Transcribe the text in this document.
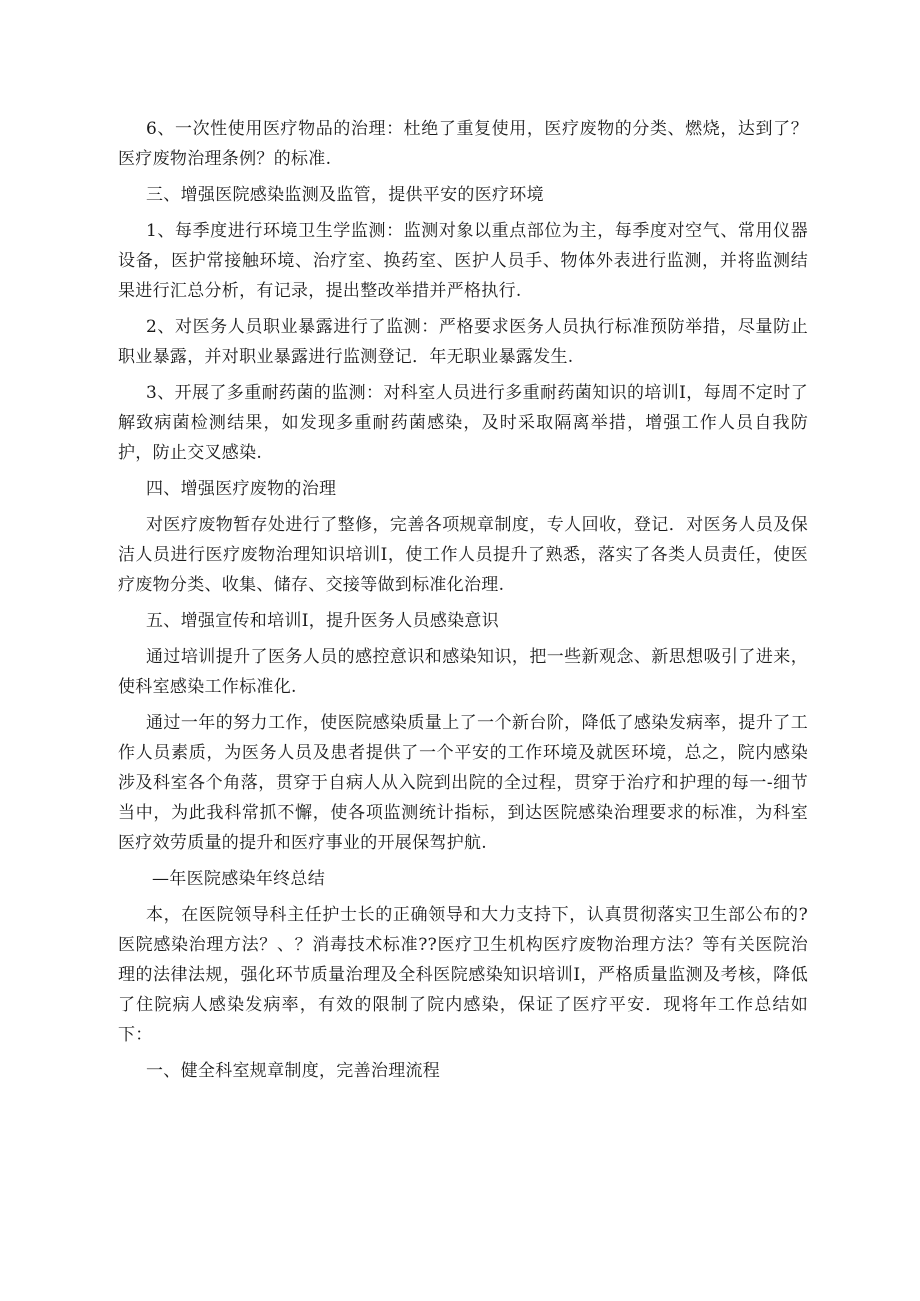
6、一次性使用医疗物品的治理：杜绝了重复使用，医疗废物的分类、燃烧，达到了？医疗废物治理条例？的标准.

三、增强医院感染监测及监管，提供平安的医疗环境

1、每季度进行环境卫生学监测：监测对象以重点部位为主，每季度对空气、常用仪器设备，医护常接触环境、治疗室、换药室、医护人员手、物体外表进行监测，并将监测结果进行汇总分析，有记录，提出整改举措并严格执行.

2、对医务人员职业暴露进行了监测：严格要求医务人员执行标准预防举措，尽量防止职业暴露，并对职业暴露进行监测登记．年无职业暴露发生.

3、开展了多重耐药菌的监测：对科室人员进行多重耐药菌知识的培训I，每周不定时了解致病菌检测结果，如发现多重耐药菌感染，及时采取隔离举措，增强工作人员自我防护，防止交叉感染.

四、增强医疗废物的治理

对医疗废物暂存处进行了整修，完善各项规章制度，专人回收，登记．对医务人员及保洁人员进行医疗废物治理知识培训I，使工作人员提升了熟悉，落实了各类人员责任，使医疗废物分类、收集、储存、交接等做到标准化治理.

五、增强宣传和培训I，提升医务人员感染意识

通过培训提升了医务人员的感控意识和感染知识，把一些新观念、新思想吸引了进来，使科室感染工作标准化.

通过一年的努力工作，使医院感染质量上了一个新台阶，降低了感染发病率，提升了工作人员素质，为医务人员及患者提供了一个平安的工作环境及就医环境，总之，院内感染涉及科室各个角落，贯穿于自病人从入院到出院的全过程，贯穿于治疗和护理的每一-细节当中，为此我科常抓不懈，使各项监测统计指标，到达医院感染治理要求的标准，为科室医疗效劳质量的提升和医疗事业的开展保驾护航.

—年医院感染年终总结

本，在医院领导科主任护士长的正确领导和大力支持下，认真贯彻落实卫生部公布的?医院感染治理方法？、？消毒技术标准??医疗卫生机构医疗废物治理方法？等有关医院治理的法律法规，强化环节质量治理及全科医院感染知识培训I，严格质量监测及考核，降低了住院病人感染发病率，有效的限制了院内感染，保证了医疗平安．现将年工作总结如下：

一、健全科室规章制度，完善治理流程
